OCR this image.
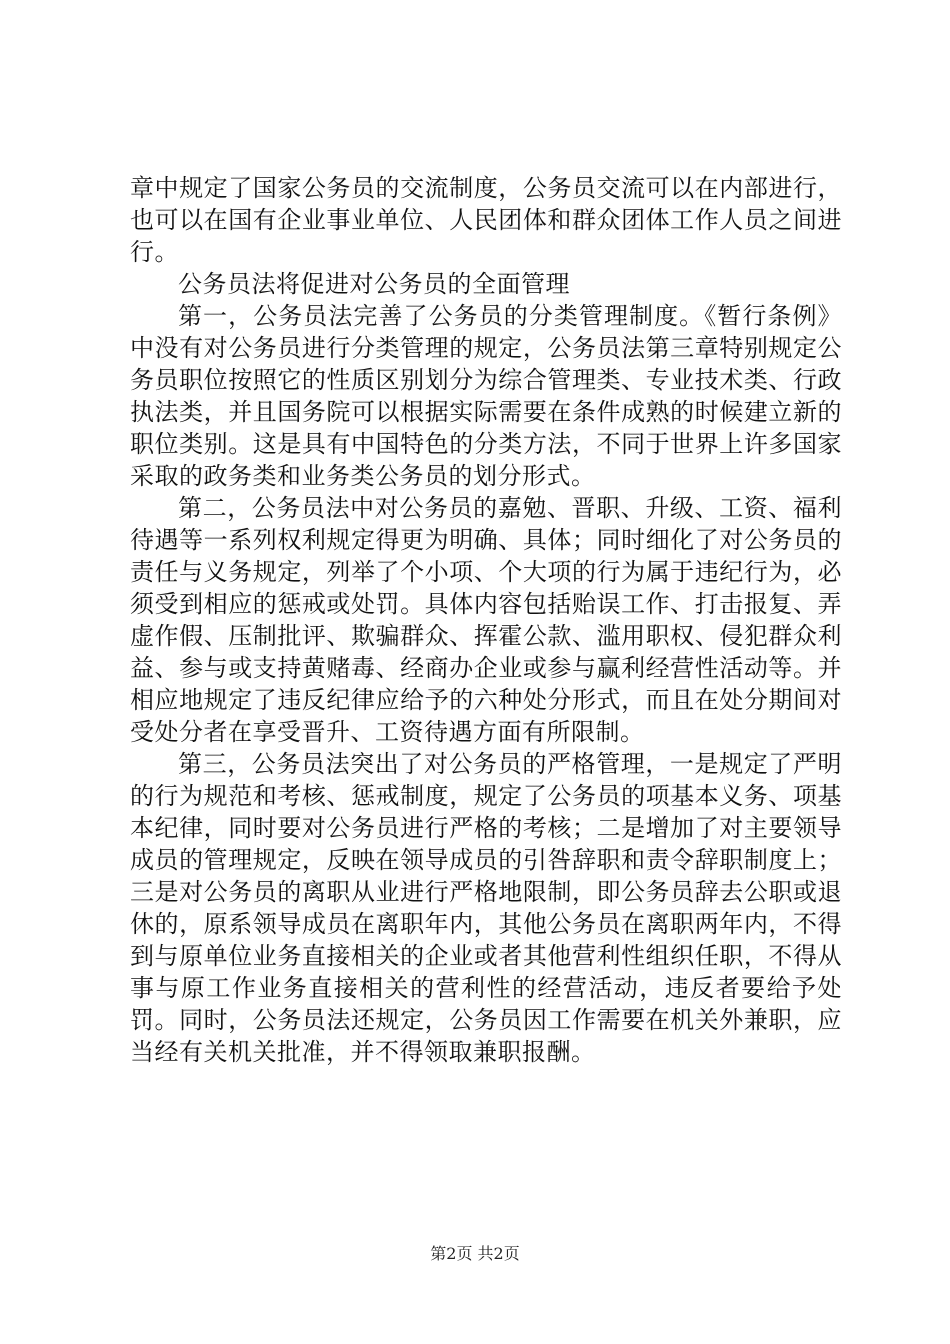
章中规定了国家公务员的交流制度，公务员交流可以在内部进行，也可以在国有企业事业单位、人民团体和群众团体工作人员之间进行。

公务员法将促进对公务员的全面管理

第一，公务员法完善了公务员的分类管理制度。《暂行条例》中没有对公务员进行分类管理的规定，公务员法第三章特别规定公务员职位按照它的性质区别划分为综合管理类、专业技术类、行政执法类，并且国务院可以根据实际需要在条件成熟的时候建立新的职位类别。这是具有中国特色的分类方法，不同于世界上许多国家采取的政务类和业务类公务员的划分形式。

第二，公务员法中对公务员的嘉勉、晋职、升级、工资、福利待遇等一系列权利规定得更为明确、具体；同时细化了对公务员的责任与义务规定，列举了个小项、个大项的行为属于违纪行为，必须受到相应的惩戒或处罚。具体内容包括贻误工作、打击报复、弄虚作假、压制批评、欺骗群众、挥霍公款、滥用职权、侵犯群众利益、参与或支持黄赌毒、经商办企业或参与赢利经营性活动等。并相应地规定了违反纪律应给予的六种处分形式，而且在处分期间对受处分者在享受晋升、工资待遇方面有所限制。

第三，公务员法突出了对公务员的严格管理，一是规定了严明的行为规范和考核、惩戒制度，规定了公务员的项基本义务、项基本纪律，同时要对公务员进行严格的考核；二是增加了对主要领导成员的管理规定，反映在领导成员的引咎辞职和责令辞职制度上；三是对公务员的离职从业进行严格地限制，即公务员辞去公职或退休的，原系领导成员在离职年内，其他公务员在离职两年内，不得到与原单位业务直接相关的企业或者其他营利性组织任职，不得从事与原工作业务直接相关的营利性的经营活动，违反者要给予处罚。同时，公务员法还规定，公务员因工作需要在机关外兼职，应当经有关机关批准，并不得领取兼职报酬。

第2页 共2页
